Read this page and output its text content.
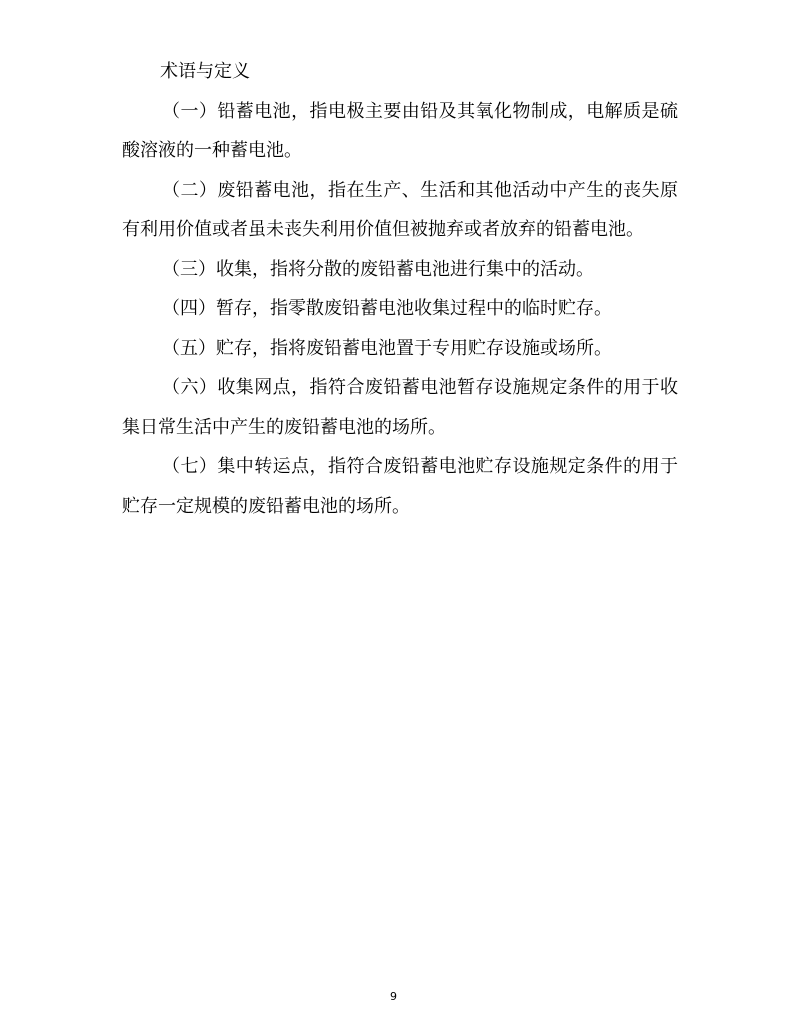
术语与定义

（一）铅蓄电池，指电极主要由铅及其氧化物制成，电解质是硫酸溶液的一种蓄电池。

（二）废铅蓄电池，指在生产、生活和其他活动中产生的丧失原有利用价值或者虽未丧失利用价值但被抛弃或者放弃的铅蓄电池。

（三）收集，指将分散的废铅蓄电池进行集中的活动。

（四）暂存，指零散废铅蓄电池收集过程中的临时贮存。

（五）贮存，指将废铅蓄电池置于专用贮存设施或场所。

（六）收集网点，指符合废铅蓄电池暂存设施规定条件的用于收集日常生活中产生的废铅蓄电池的场所。

（七）集中转运点，指符合废铅蓄电池贮存设施规定条件的用于贮存一定规模的废铅蓄电池的场所。

9
